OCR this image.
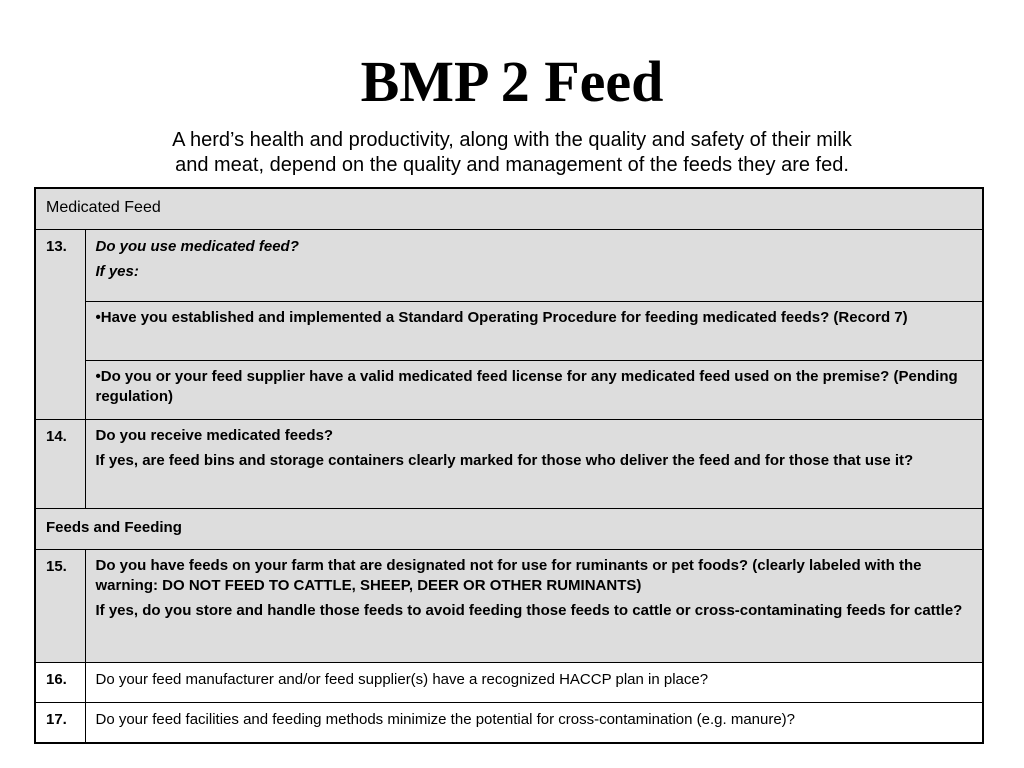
BMP 2 Feed
A herd’s health and productivity, along with the quality and safety of their milk
and meat, depend on the quality and management of the feeds they are fed.
Medicated Feed	
13.	Do you use medicated feed?

If yes:

	•Have you established and implemented a Standard Operating Procedure for feeding medicated feeds? (Record 7)
	•Do you or your feed supplier have a valid medicated feed license for any medicated feed used on the premise? (Pending regulation)
14.	Do you receive medicated feeds?

If yes, are feed bins and storage containers clearly marked for those who deliver the feed and for those that use it?

Feeds and Feeding	
15.	Do you have feeds on your farm that are designated not for use for ruminants or pet foods? (clearly labeled with the warning: DO NOT FEED TO CATTLE, SHEEP, DEER OR OTHER RUMINANTS)

If yes, do you store and handle those feeds to avoid feeding those feeds to cattle or cross-contaminating feeds for cattle?

16.	Do your feed manufacturer and/or feed supplier(s) have a recognized HACCP plan in place?
17.	Do your feed facilities and feeding methods minimize the potential for cross-contamination (e.g. manure)?
